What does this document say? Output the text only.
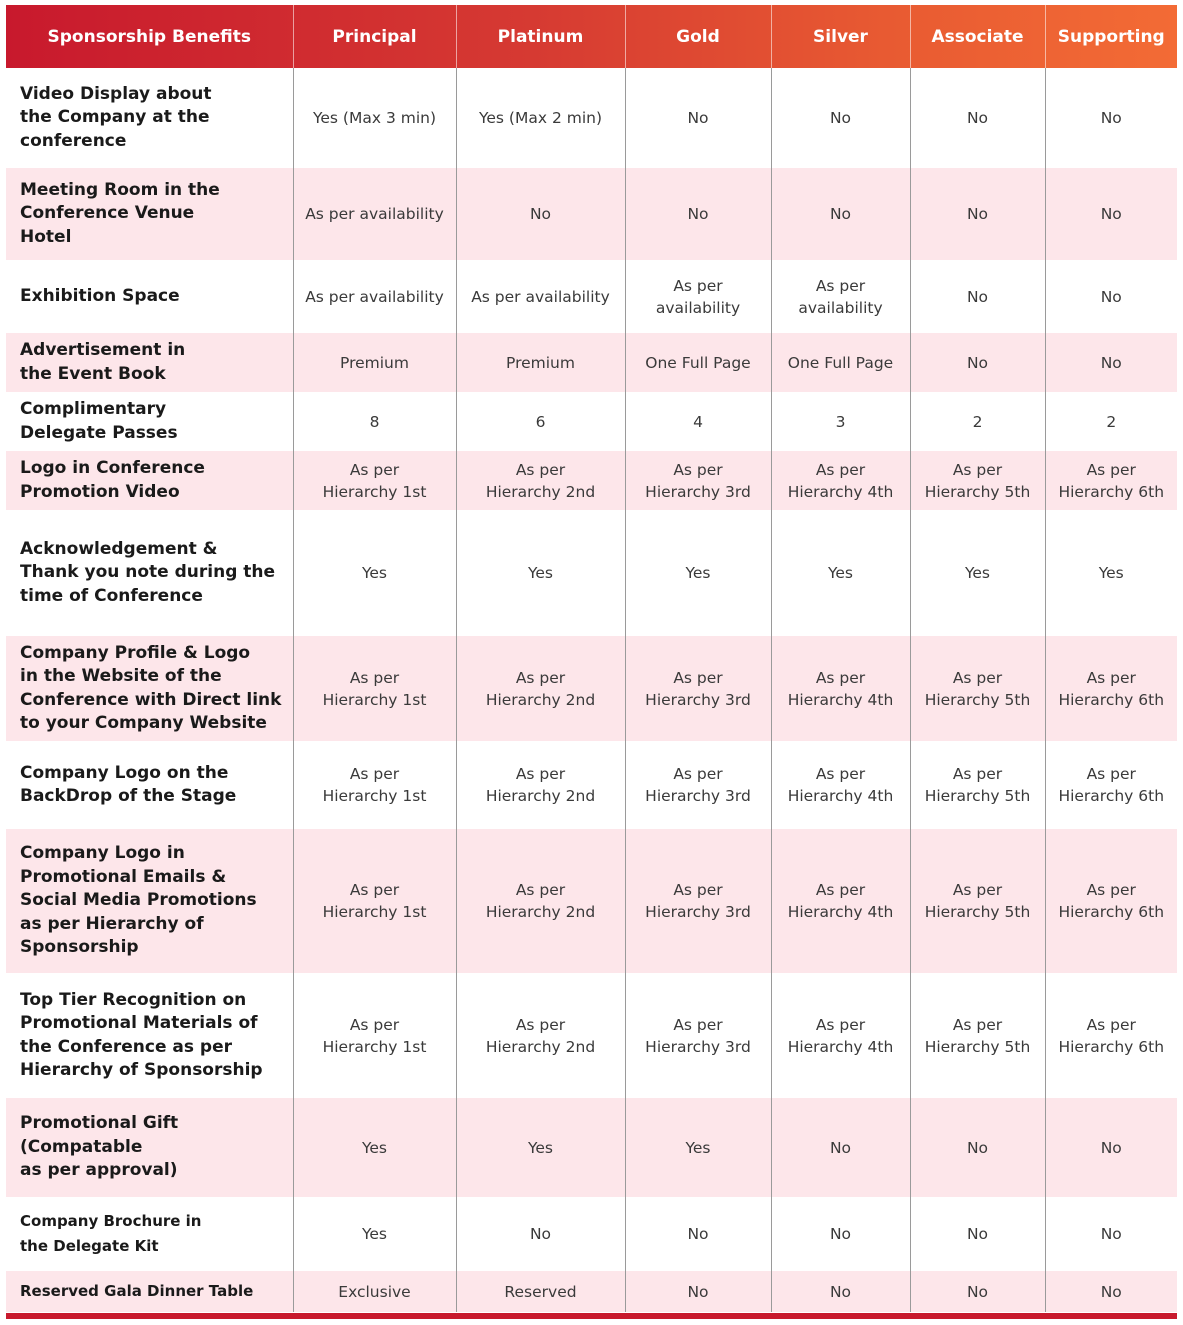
Sponsorship Benefits	Principal	Platinum	Gold	Silver	Associate	Supporting
Video Display about
the Company at the
conference	Yes (Max 3 min)	Yes (Max 2 min)	No	No	No	No
Meeting Room in the
Conference Venue
Hotel	As per availability	No	No	No	No	No
Exhibition Space	As per availability	As per availability	As per
availability	As per
availability	No	No
Advertisement in
the Event Book	Premium	Premium	One Full Page	One Full Page	No	No
Complimentary
Delegate Passes	8	6	4	3	2	2
Logo in Conference
Promotion Video	As per
Hierarchy 1st	As per
Hierarchy 2nd	As per
Hierarchy 3rd	As per
Hierarchy 4th	As per
Hierarchy 5th	As per
Hierarchy 6th
Acknowledgement &
Thank you note during the
time of Conference	Yes	Yes	Yes	Yes	Yes	Yes
Company Profile & Logo
in the Website of the
Conference with Direct link
to your Company Website	As per
Hierarchy 1st	As per
Hierarchy 2nd	As per
Hierarchy 3rd	As per
Hierarchy 4th	As per
Hierarchy 5th	As per
Hierarchy 6th
Company Logo on the
BackDrop of the Stage	As per
Hierarchy 1st	As per
Hierarchy 2nd	As per
Hierarchy 3rd	As per
Hierarchy 4th	As per
Hierarchy 5th	As per
Hierarchy 6th
Company Logo in
Promotional Emails &
Social Media Promotions
as per Hierarchy of
Sponsorship	As per
Hierarchy 1st	As per
Hierarchy 2nd	As per
Hierarchy 3rd	As per
Hierarchy 4th	As per
Hierarchy 5th	As per
Hierarchy 6th
Top Tier Recognition on
Promotional Materials of
the Conference as per
Hierarchy of Sponsorship	As per
Hierarchy 1st	As per
Hierarchy 2nd	As per
Hierarchy 3rd	As per
Hierarchy 4th	As per
Hierarchy 5th	As per
Hierarchy 6th
Promotional Gift
(Compatable
as per approval)	Yes	Yes	Yes	No	No	No
Company Brochure in
the Delegate Kit	Yes	No	No	No	No	No
Reserved Gala Dinner Table	Exclusive	Reserved	No	No	No	No
